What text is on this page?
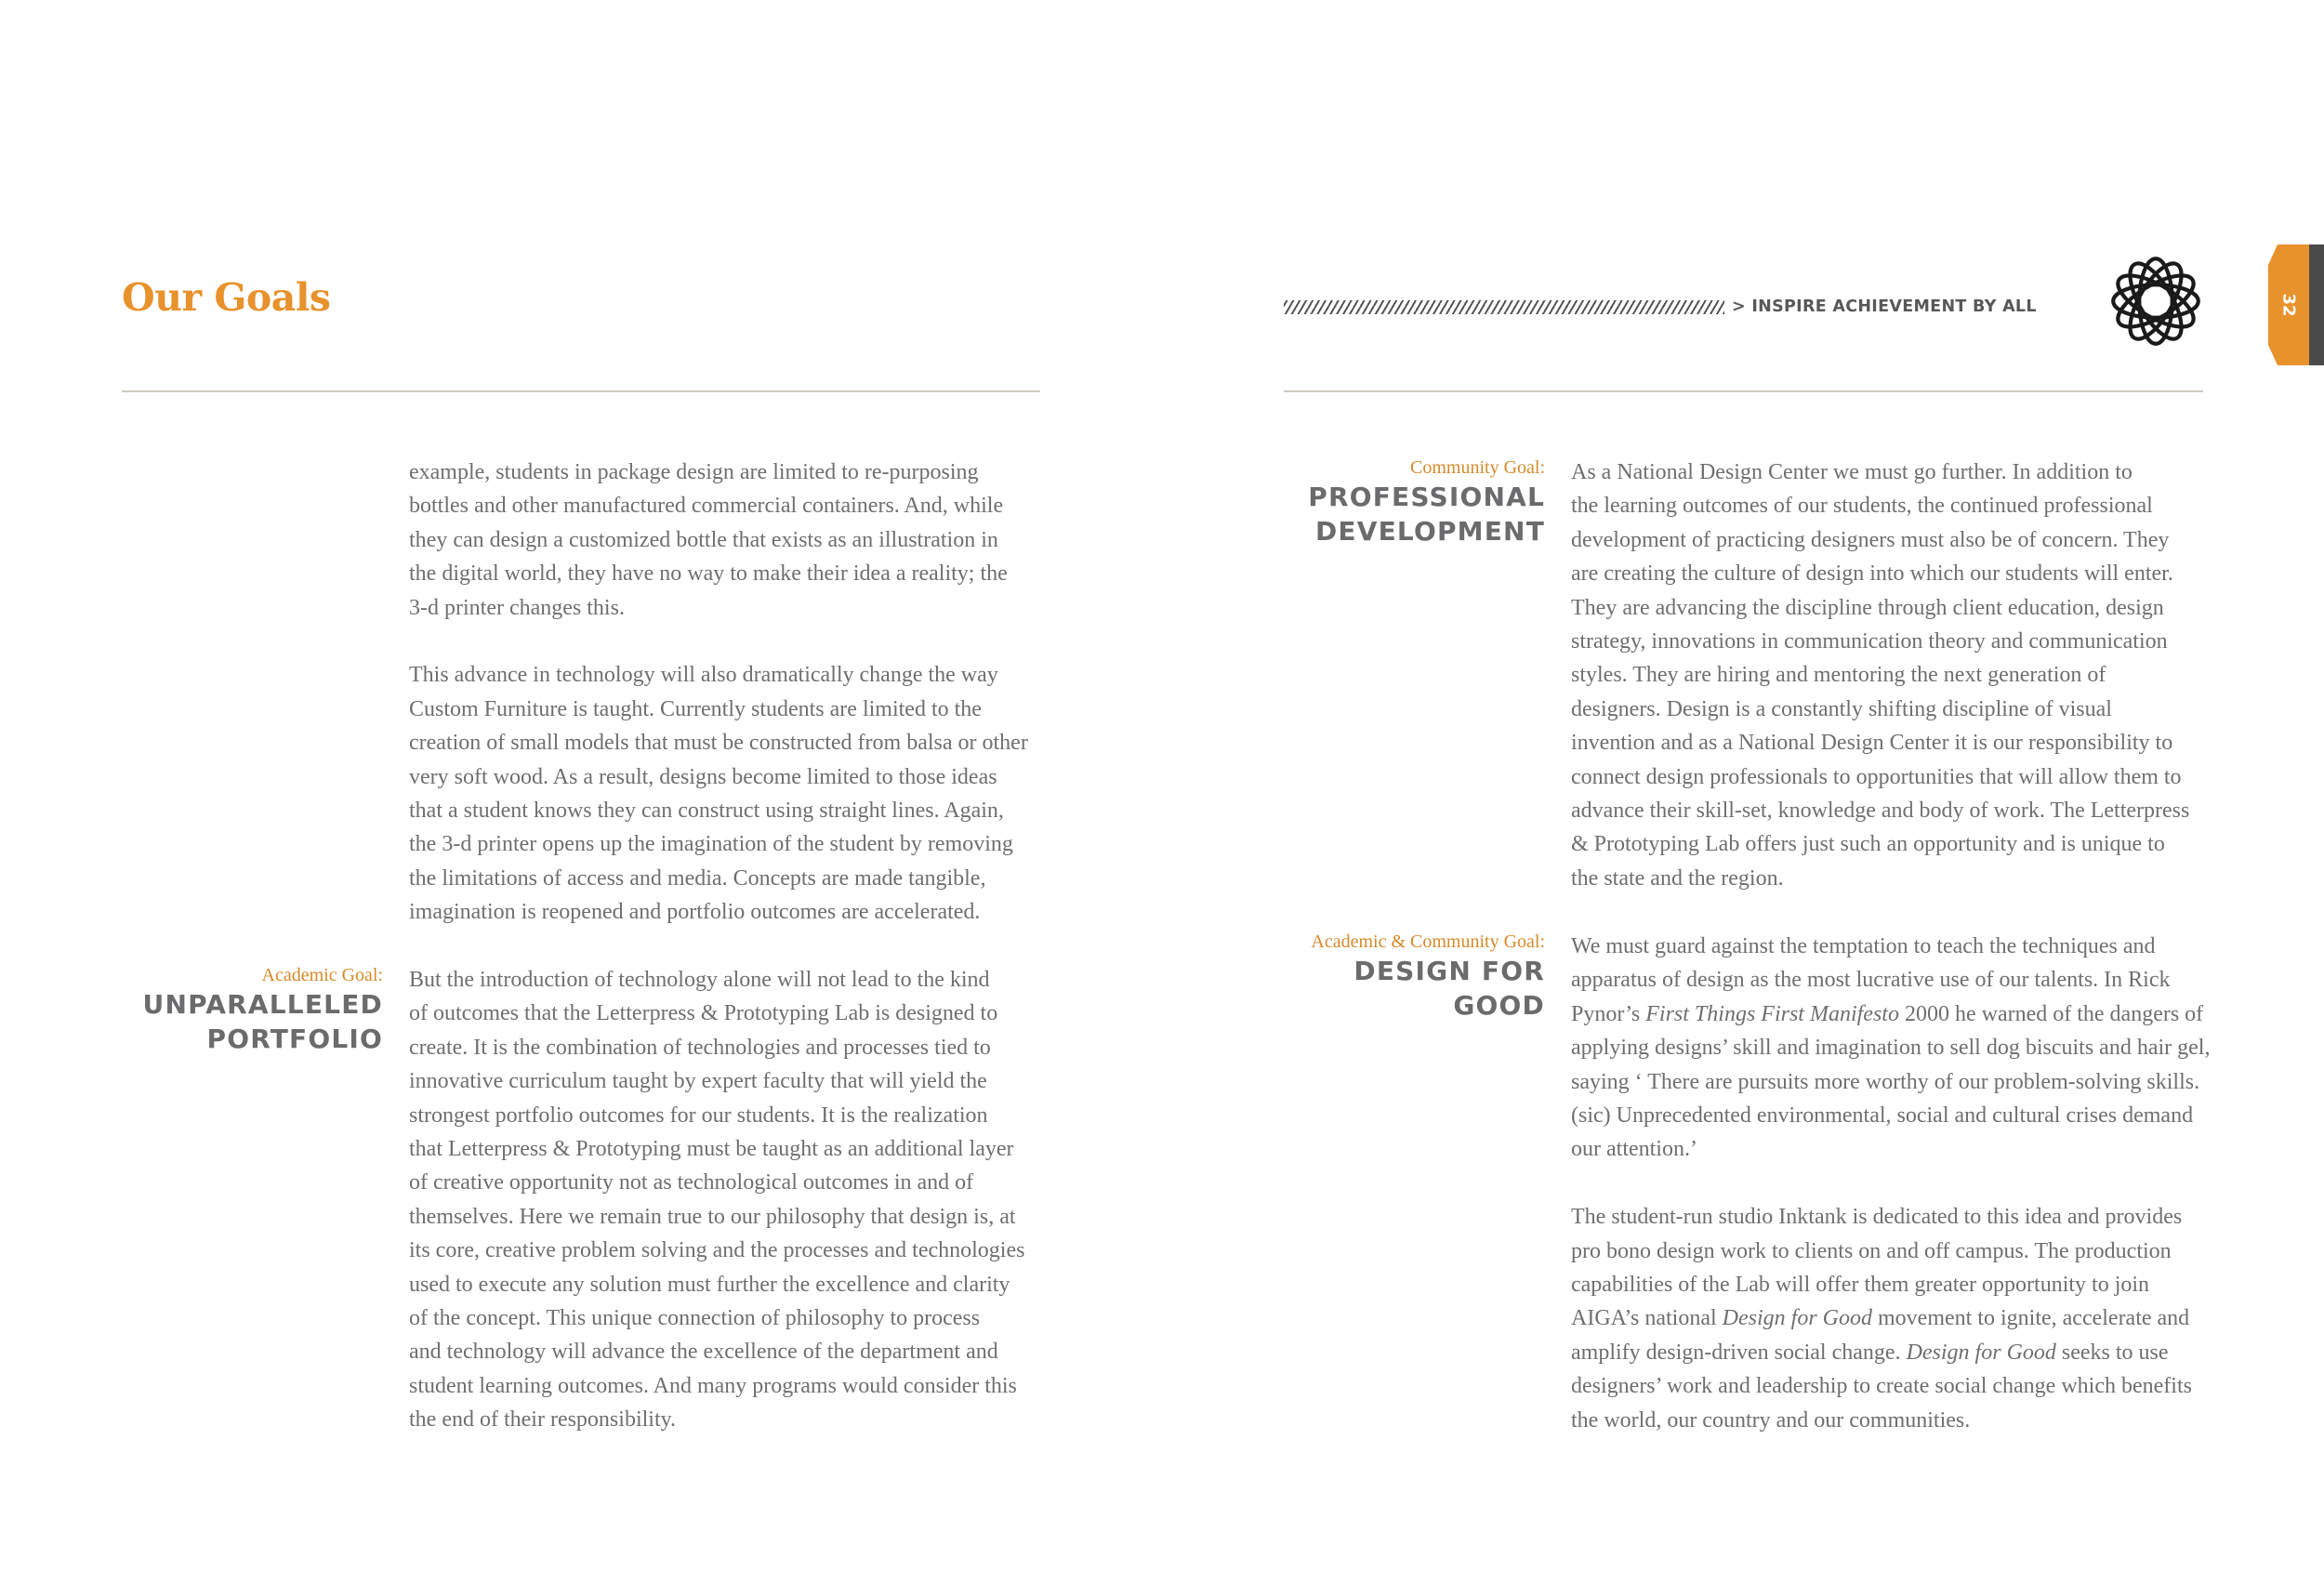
Our Goals	> INSPIRE ACHIEVEMENT BY ALL	32

example, students in package design are limited to re-purposing
bottles and other manufactured commercial containers. And, while
they can design a customized bottle that exists as an illustration in
the digital world, they have no way to make their idea a reality; the
3-d printer changes this.

This advance in technology will also dramatically change the way
Custom Furniture is taught. Currently students are limited to the
creation of small models that must be constructed from balsa or other
very soft wood. As a result, designs become limited to those ideas
that a student knows they can construct using straight lines. Again,
the 3-d printer opens up the imagination of the student by removing
the limitations of access and media. Concepts are made tangible,
imagination is reopened and portfolio outcomes are accelerated.

Academic Goal:
UNPARALLELED
PORTFOLIO

But the introduction of technology alone will not lead to the kind
of outcomes that the Letterpress & Prototyping Lab is designed to
create. It is the combination of technologies and processes tied to
innovative curriculum taught by expert faculty that will yield the
strongest portfolio outcomes for our students. It is the realization
that Letterpress & Prototyping must be taught as an additional layer
of creative opportunity not as technological outcomes in and of
themselves. Here we remain true to our philosophy that design is, at
its core, creative problem solving and the processes and technologies
used to execute any solution must further the excellence and clarity
of the concept. This unique connection of philosophy to process
and technology will advance the excellence of the department and
student learning outcomes. And many programs would consider this
the end of their responsibility.

Community Goal:
PROFESSIONAL
DEVELOPMENT

As a National Design Center we must go further. In addition to
the learning outcomes of our students, the continued professional
development of practicing designers must also be of concern. They
are creating the culture of design into which our students will enter.
They are advancing the discipline through client education, design
strategy, innovations in communication theory and communication
styles. They are hiring and mentoring the next generation of
designers. Design is a constantly shifting discipline of visual
invention and as a National Design Center it is our responsibility to
connect design professionals to opportunities that will allow them to
advance their skill-set, knowledge and body of work. The Letterpress
& Prototyping Lab offers just such an opportunity and is unique to
the state and the region.

Academic & Community Goal:
DESIGN FOR
GOOD

We must guard against the temptation to teach the techniques and
apparatus of design as the most lucrative use of our talents. In Rick
Pynor’s First Things First Manifesto 2000 he warned of the dangers of
applying designs’ skill and imagination to sell dog biscuits and hair gel,
saying ‘ There are pursuits more worthy of our problem-solving skills.
(sic) Unprecedented environmental, social and cultural crises demand
our attention.’

The student-run studio Inktank is dedicated to this idea and provides
pro bono design work to clients on and off campus. The production
capabilities of the Lab will offer them greater opportunity to join
AIGA’s national Design for Good movement to ignite, accelerate and
amplify design-driven social change. Design for Good seeks to use
designers’ work and leadership to create social change which benefits
the world, our country and our communities.
